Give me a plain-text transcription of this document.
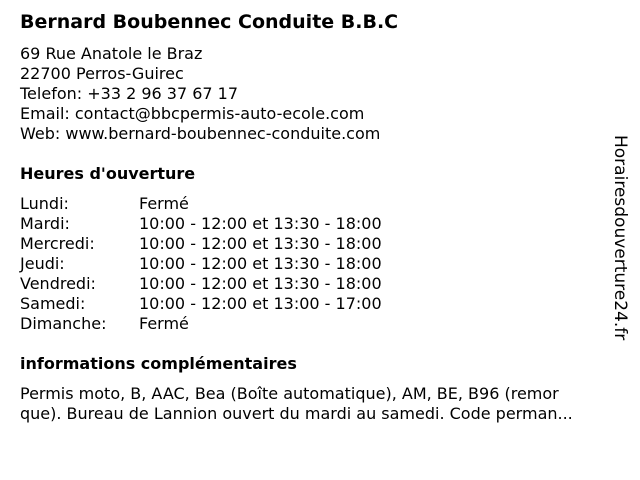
Bernard Boubennec Conduite B.B.C
69 Rue Anatole le Braz
22700 Perros-Guirec
Telefon: +33 2 96 37 67 17
Email: contact@bbcpermis-auto-ecole.com
Web: www.bernard-boubennec-conduite.com
Heures d'ouverture
Lundi:	Fermé
Mardi:	10:00 - 12:00 et 13:30 - 18:00
Mercredi:	10:00 - 12:00 et 13:30 - 18:00
Jeudi:	10:00 - 12:00 et 13:30 - 18:00
Vendredi:	10:00 - 12:00 et 13:30 - 18:00
Samedi:	10:00 - 12:00 et 13:00 - 17:00
Dimanche: Fermé
informations complémentaires
Permis moto, B, AAC, Bea (Boîte automatique), AM, BE, B96 (remor
que). Bureau de Lannion ouvert du mardi au samedi. Code perman...
Horairesdouverture24.fr
